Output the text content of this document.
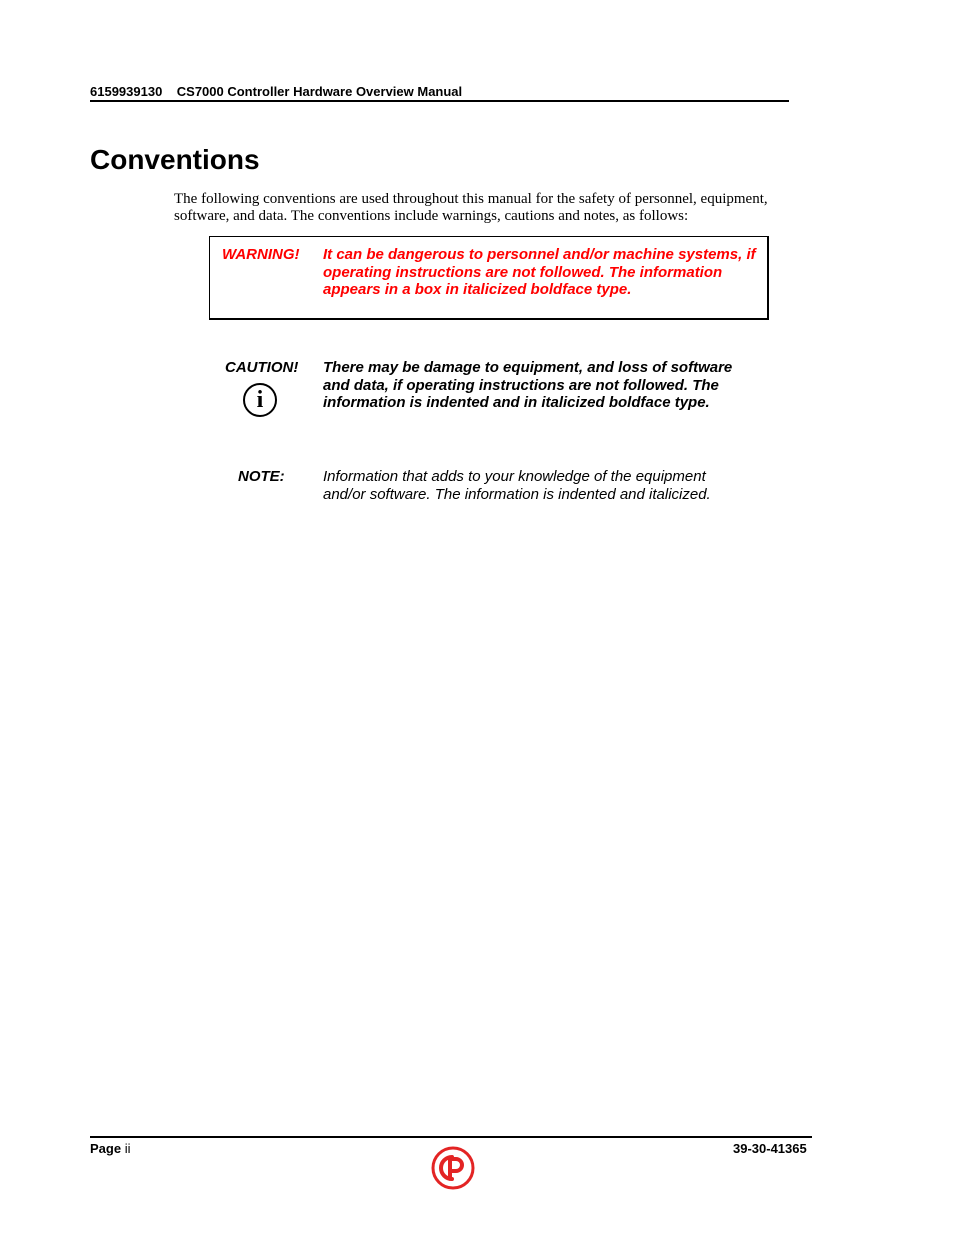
6159939130 CS7000 Controller Hardware Overview Manual
Conventions
The following conventions are used throughout this manual for the safety of personnel, equipment, software, and data. The conventions include warnings, cautions and notes, as follows:
WARNING! It can be dangerous to personnel and/or machine systems, if operating instructions are not followed. The information appears in a box in italicized boldface type.
CAUTION!
i
There may be damage to equipment, and loss of software and data, if operating instructions are not followed. The information is indented and in italicized boldface type.
NOTE:	Information that adds to your knowledge of the equipment and/or software. The information is indented and italicized.
Page ii	39-30-41365
